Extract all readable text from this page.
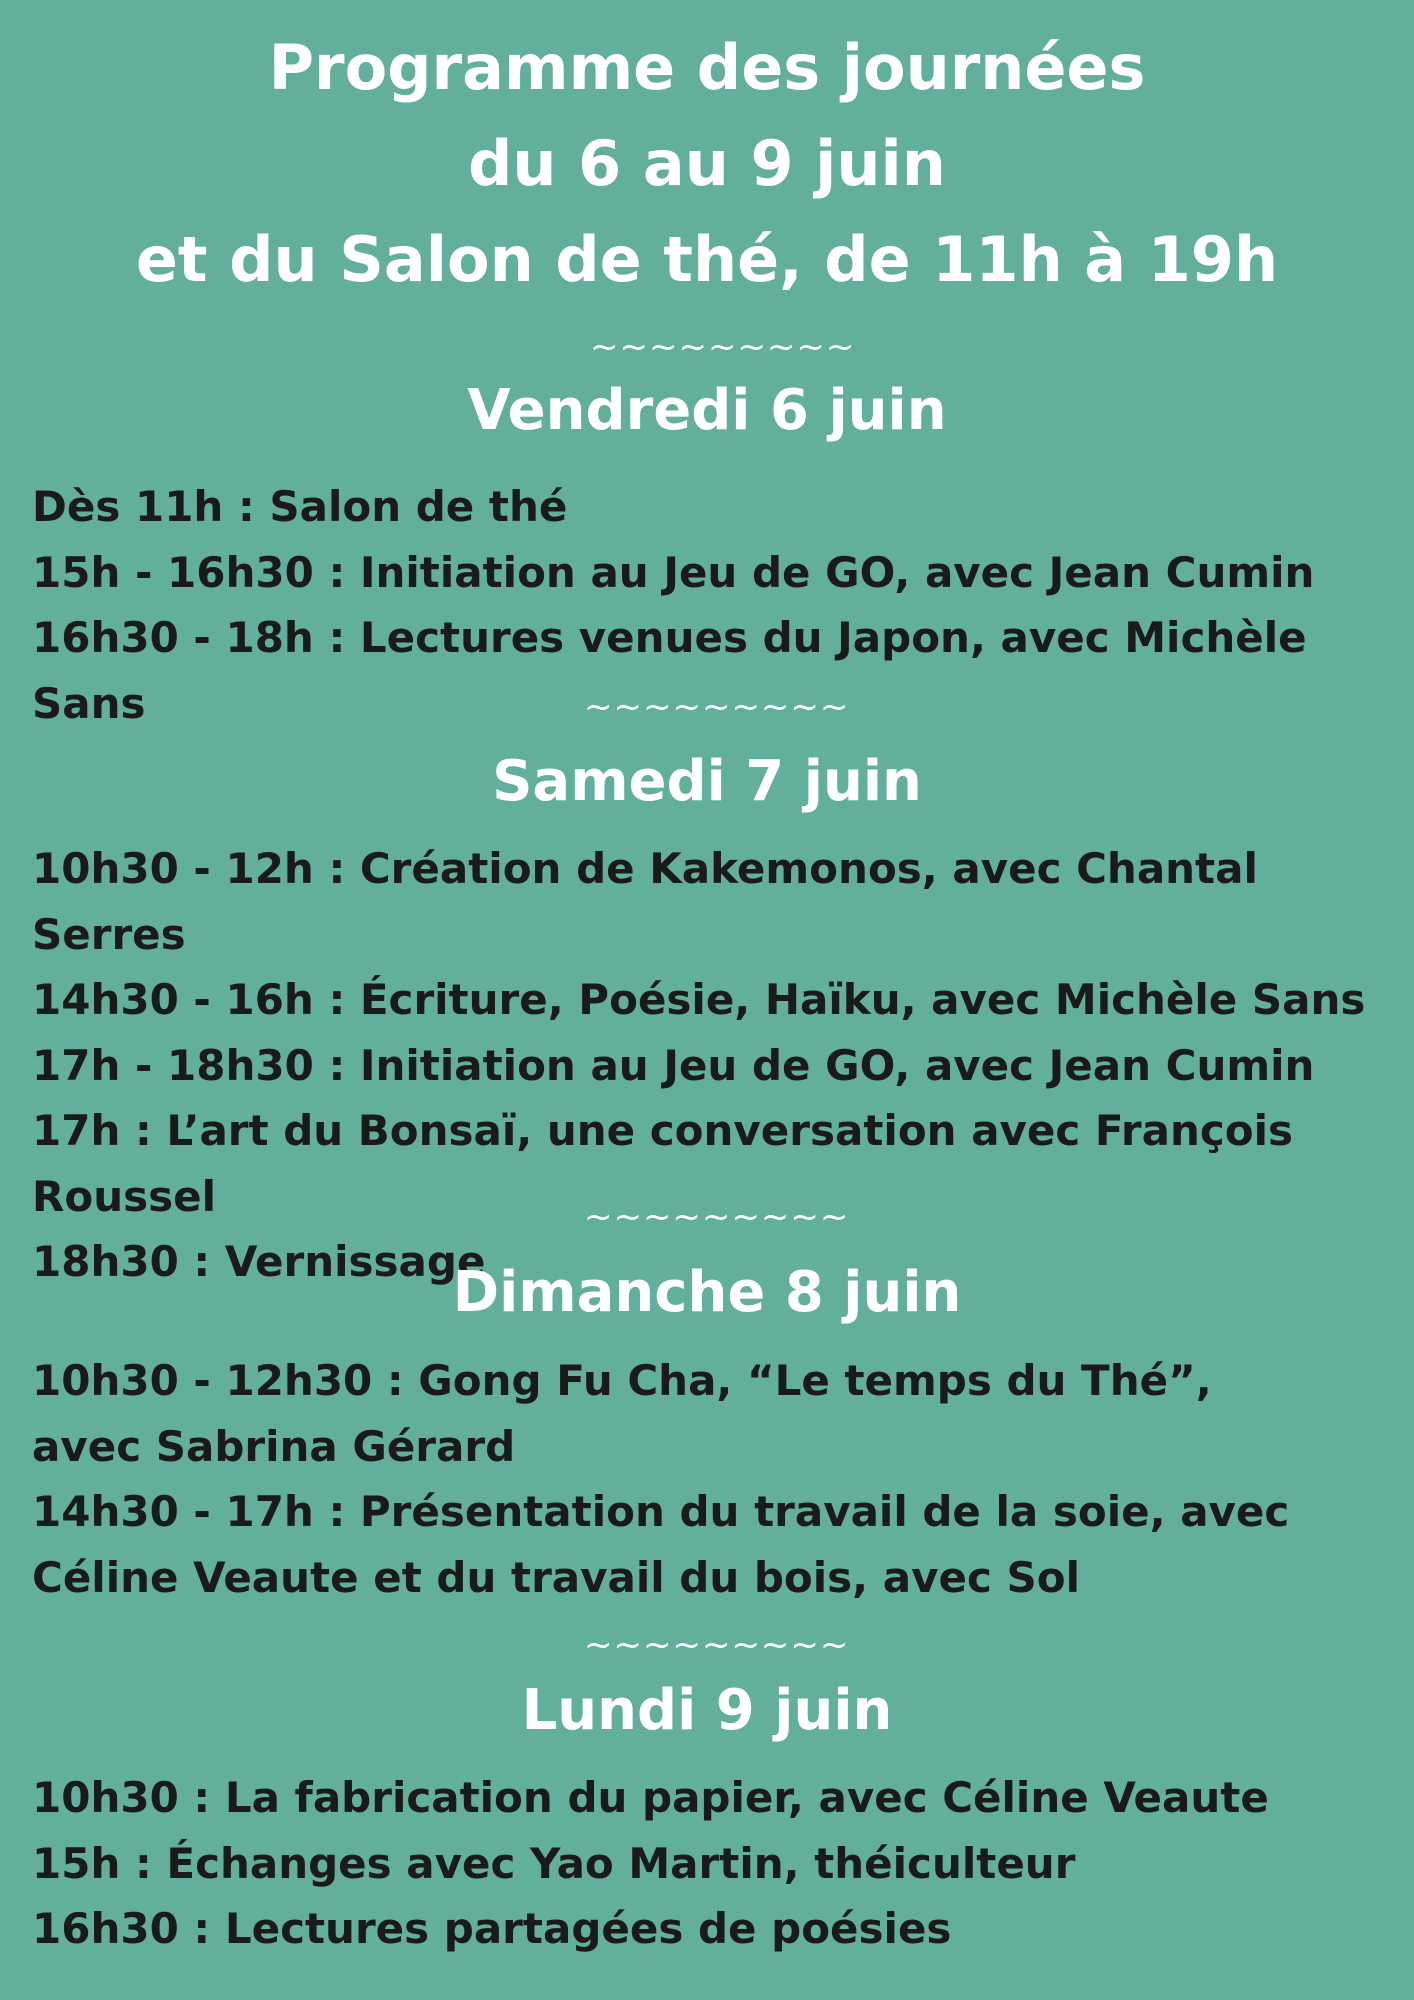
Programme des journées
du 6 au 9 juin
et du Salon de thé, de 11h à 19h
~~~~~~~~~
Vendredi 6 juin
Dès 11h : Salon de thé
15h - 16h30 : Initiation au Jeu de GO, avec Jean Cumin
16h30 - 18h : Lectures venues du Japon, avec Michèle Sans	~~~~~~~~~
Samedi 7 juin
10h30 - 12h : Création de Kakemonos, avec Chantal Serres
14h30 - 16h : Écriture, Poésie, Haïku, avec Michèle Sans
17h - 18h30 : Initiation au Jeu de GO, avec Jean Cumin
17h : L’art du Bonsaï, une conversation avec François Roussel
18h30 : Vernissage
~~~~~~~~~
Dimanche 8 juin
10h30 - 12h30 : Gong Fu Cha, “Le temps du Thé”, avec Sabrina Gérard
14h30 - 17h : Présentation du travail de la soie, avec Céline Veaute et du travail du bois, avec Sol
~~~~~~~~~
Lundi 9 juin
10h30 : La fabrication du papier, avec Céline Veaute
15h : Échanges avec Yao Martin, théiculteur
16h30 : Lectures partagées de poésies
